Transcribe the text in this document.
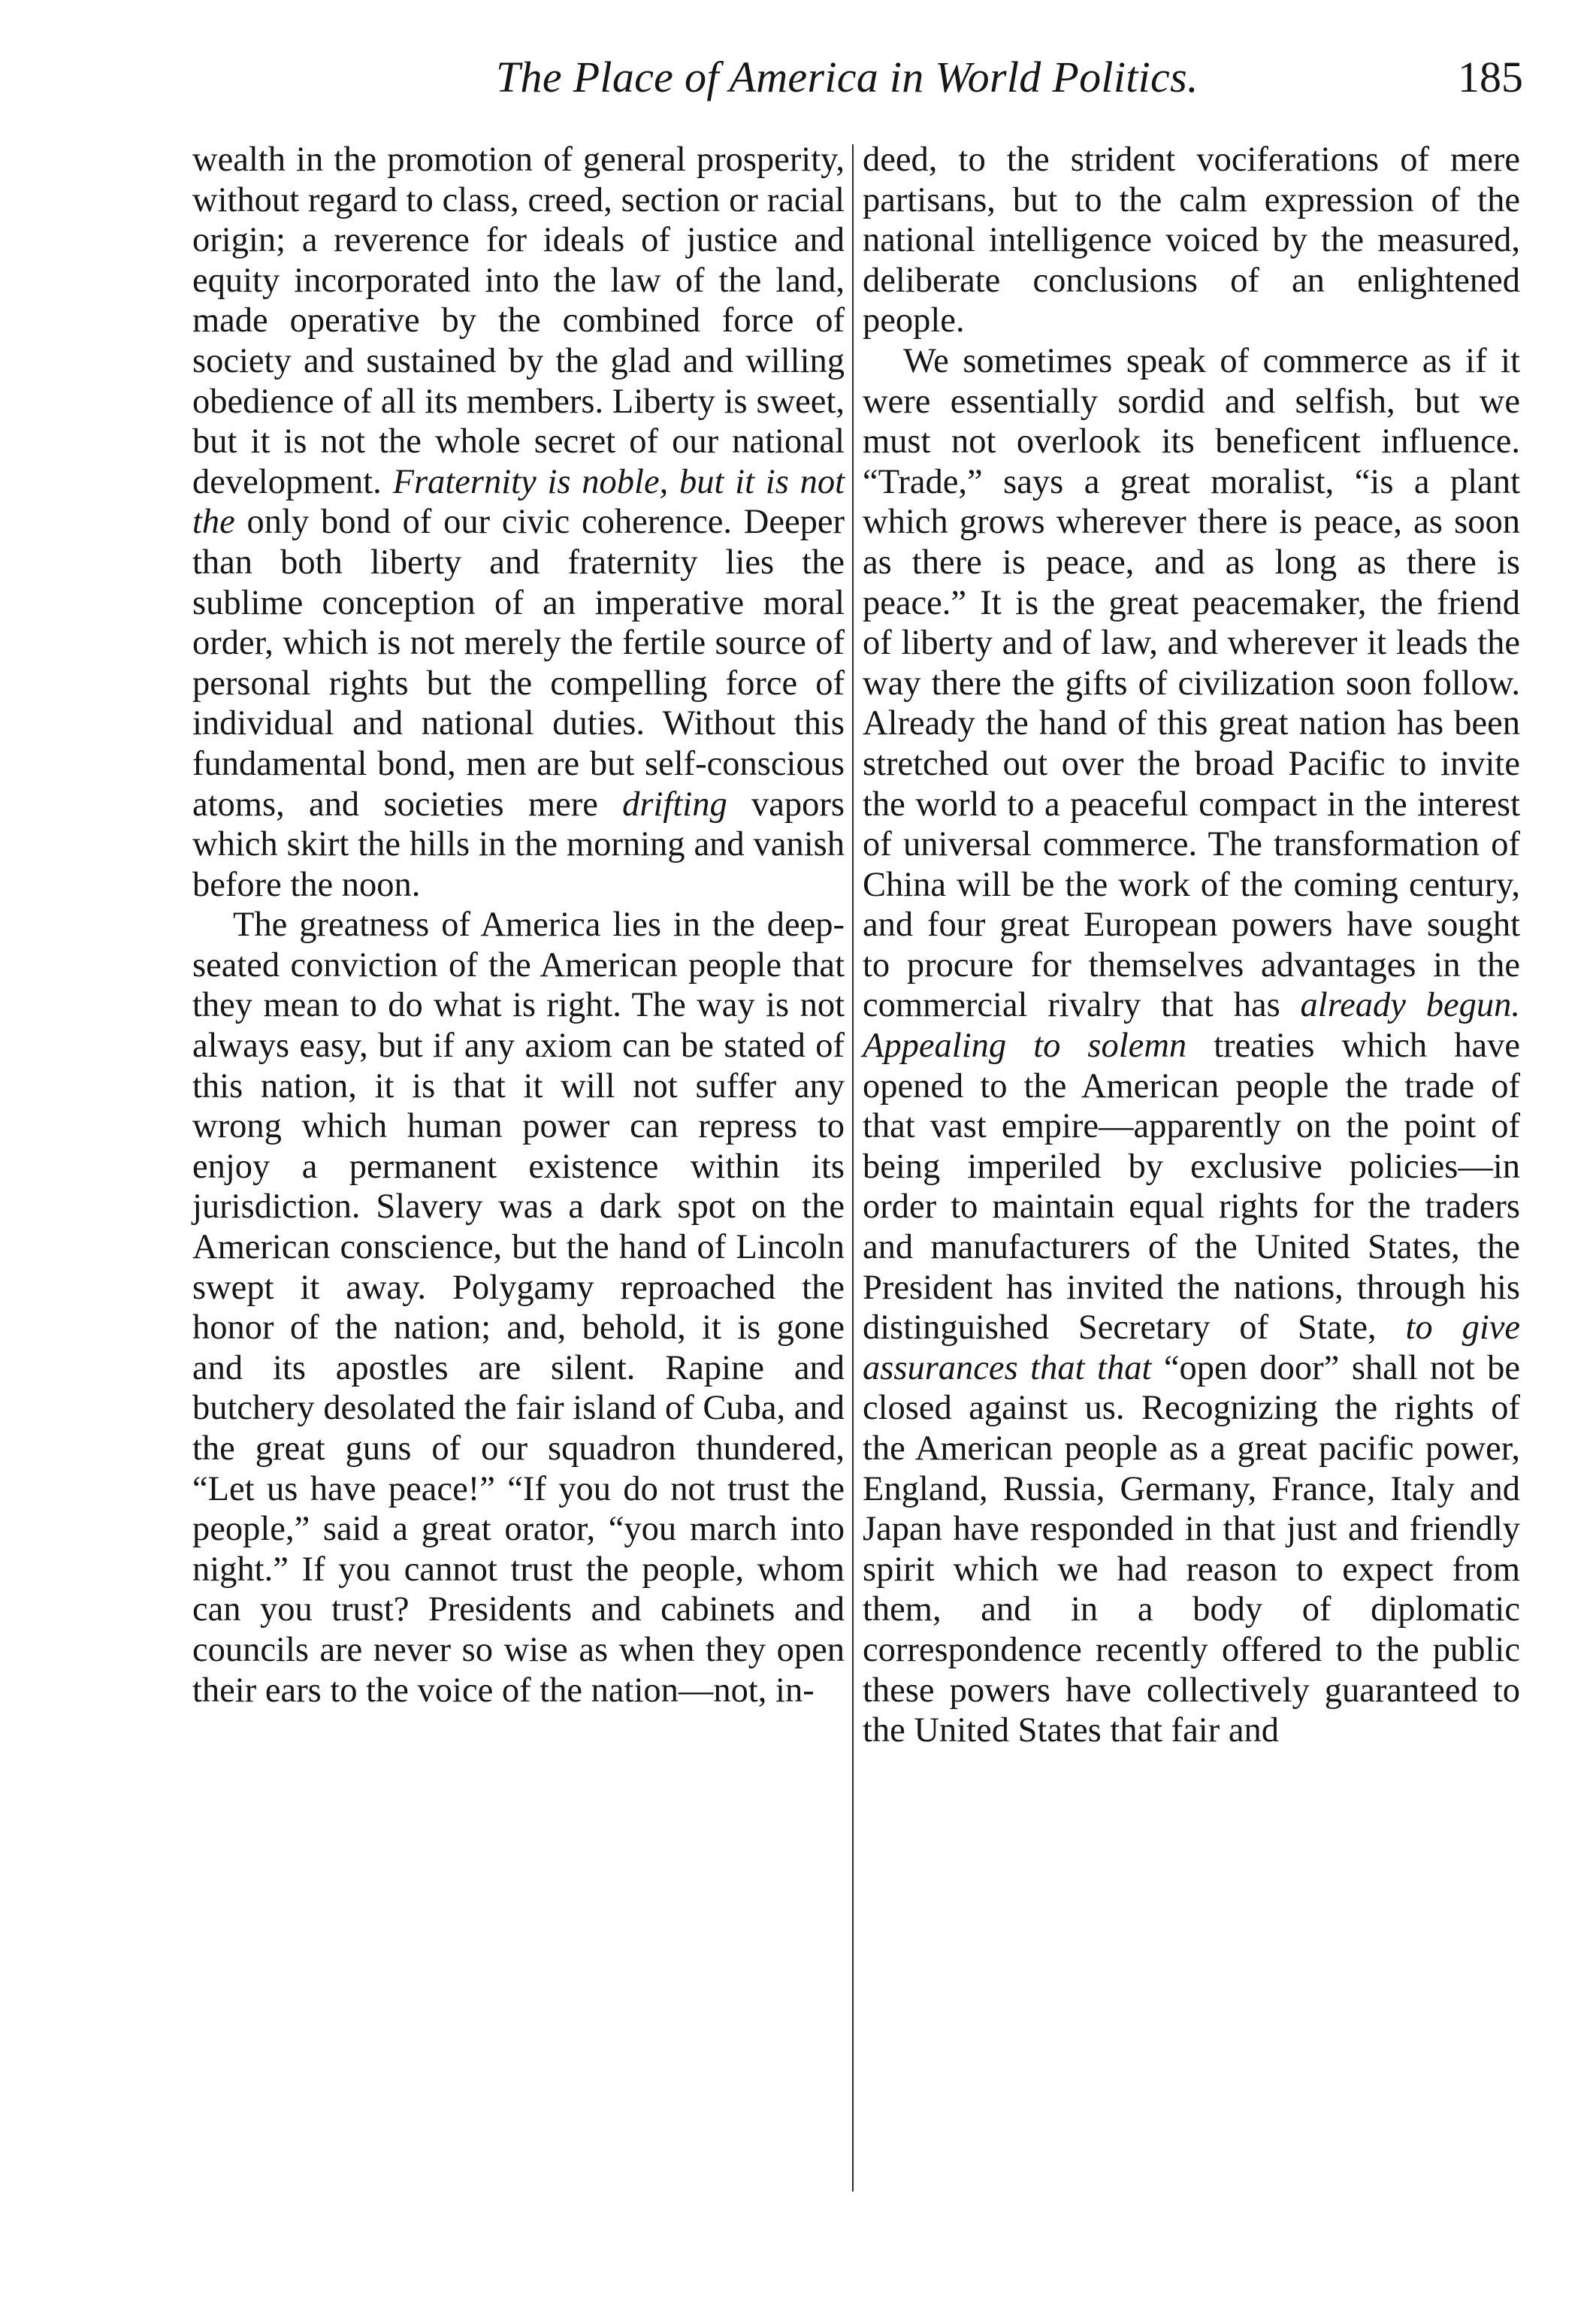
The Place of America in World Politics.	185

wealth in the promotion of general prosperity, without regard to class, creed, section or racial origin; a reverence for ideals of justice and equity incorporated into the law of the land, made operative by the combined force of society and sustained by the glad and willing obedience of all its members. Liberty is sweet, but it is not the whole secret of our national development. Fraternity is noble, but it is not the only bond of our civic coherence. Deeper than both liberty and fraternity lies the sublime conception of an imperative moral order, which is not merely the fertile source of personal rights but the compelling force of individual and national duties. Without this fundamental bond, men are but self-conscious atoms, and societies mere drifting vapors which skirt the hills in the morning and vanish before the noon.

The greatness of America lies in the deep-seated conviction of the American people that they mean to do what is right. The way is not always easy, but if any axiom can be stated of this nation, it is that it will not suffer any wrong which human power can repress to enjoy a permanent existence within its jurisdiction. Slavery was a dark spot on the American conscience, but the hand of Lincoln swept it away. Polygamy reproached the honor of the nation; and, behold, it is gone and its apostles are silent. Rapine and butchery desolated the fair island of Cuba, and the great guns of our squadron thundered, “Let us have peace!” “If you do not trust the people,” said a great orator, “you march into night.” If you cannot trust the people, whom can you trust? Presidents and cabinets and councils are never so wise as when they open their ears to the voice of the nation—not, in-

deed, to the strident vociferations of mere partisans, but to the calm expression of the national intelligence voiced by the measured, deliberate conclusions of an enlightened people.

We sometimes speak of commerce as if it were essentially sordid and selfish, but we must not overlook its beneficent influence. “Trade,” says a great moralist, “is a plant which grows wherever there is peace, as soon as there is peace, and as long as there is peace.” It is the great peacemaker, the friend of liberty and of law, and wherever it leads the way there the gifts of civilization soon follow. Already the hand of this great nation has been stretched out over the broad Pacific to invite the world to a peaceful compact in the interest of universal commerce. The transformation of China will be the work of the coming century, and four great European powers have sought to procure for themselves advantages in the commercial rivalry that has already begun. Appealing to solemn treaties which have opened to the American people the trade of that vast empire—apparently on the point of being imperiled by exclusive policies—in order to maintain equal rights for the traders and manufacturers of the United States, the President has invited the nations, through his distinguished Secretary of State, to give assurances that that “open door” shall not be closed against us. Recognizing the rights of the American people as a great pacific power, England, Russia, Germany, France, Italy and Japan have responded in that just and friendly spirit which we had reason to expect from them, and in a body of diplomatic correspondence recently offered to the public these powers have collectively guaranteed to the United States that fair and
